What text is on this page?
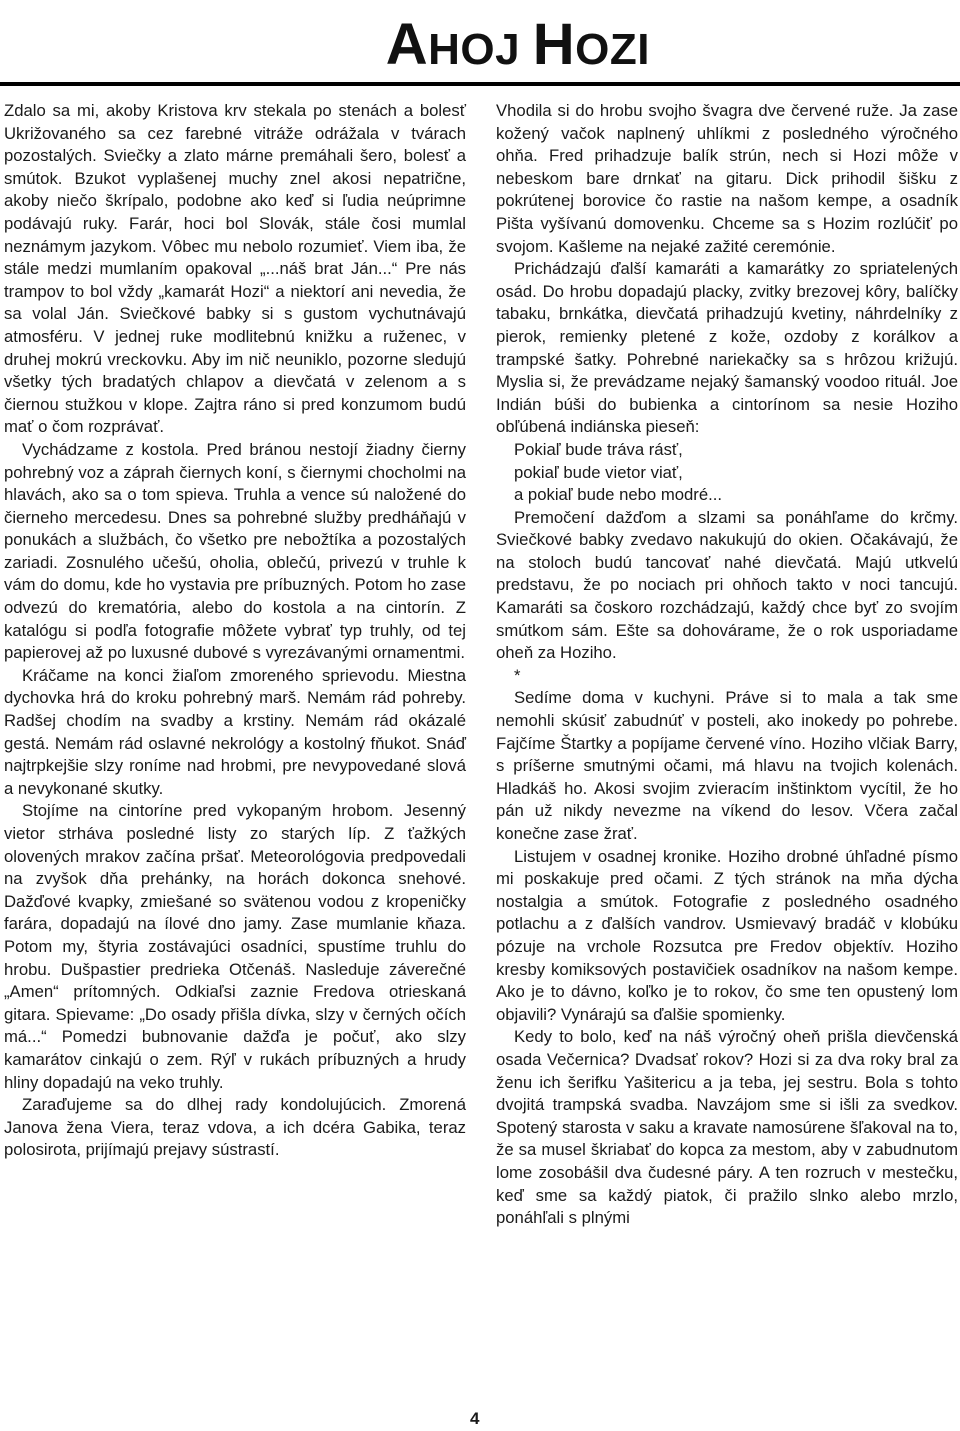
AHOJ HOZI

Zdalo sa mi, akoby Kristova krv stekala po stenách a bolesť Ukrižovaného sa cez farebné vitráže odrážala v tvárach pozostalých. Sviečky a zlato márne premáhali šero, bolesť a smútok. Bzukot vyplašenej muchy znel akosi nepatrične, akoby niečo škrípalo, podobne ako keď si ľudia neúprimne podávajú ruky. Farár, hoci bol Slovák, stále čosi mumlal neznámym jazykom. Vôbec mu nebolo rozumieť. Viem iba, že stále medzi mumlaním opakoval „...náš brat Ján...“ Pre nás trampov to bol vždy „kamarát Hozi“ a niektorí ani nevedia, že sa volal Ján. Sviečkové babky si s gustom vychutnávajú atmosféru. V jednej ruke modlitebnú knižku a ruženec, v druhej mokrú vreckovku. Aby im nič neuniklo, pozorne sledujú všetky tých bradatých chlapov a dievčatá v zelenom a s čiernou stužkou v klope. Zajtra ráno si pred konzumom budú mať o čom rozprávať.

Vychádzame z kostola. Pred bránou nestojí žiadny čierny pohrebný voz a záprah čiernych koní, s čiernymi chocholmi na hlavách, ako sa o tom spieva. Truhla a vence sú naložené do čierneho mercedesu. Dnes sa pohrebné služby predháňajú v ponukách a službách, čo všetko pre nebožtíka a pozostalých zariadi. Zosnulého učešú, oholia, oblečú, privezú v truhle k vám do domu, kde ho vystavia pre príbuzných. Potom ho zase odvezú do krematória, alebo do kostola a na cintorín. Z katalógu si podľa fotografie môžete vybrať typ truhly, od tej papierovej až po luxusné dubové s vyrezávanými ornamentmi.

Kráčame na konci žiaľom zmoreného sprievodu. Miestna dychovka hrá do kroku pohrebný marš. Nemám rád pohreby. Radšej chodím na svadby a krstiny. Nemám rád okázalé gestá. Nemám rád oslavné nekrológy a kostolný fňukot. Snáď najtrpkejšie slzy roníme nad hrobmi, pre nevypovedané slová a nevykonané skutky.

Stojíme na cintoríne pred vykopaným hrobom. Jesenný vietor strháva posledné listy zo starých líp. Z ťažkých olovených mrakov začína pršať. Meteorológovia predpovedali na zvyšok dňa prehánky, na horách dokonca snehové. Dažďové kvapky, zmiešané so svätenou vodou z kropeničky farára, dopadajú na ílové dno jamy. Zase mumlanie kňaza. Potom my, štyria zostávajúci osadníci, spustíme truhlu do hrobu. Dušpastier predrieka Otčenáš. Nasleduje záverečné „Amen“ prítomných. Odkiaľsi zaznie Fredova otrieskaná gitara. Spievame: „Do osady přišla dívka, slzy v černých očích má...“ Pomedzi bubnovanie dažďa je počuť, ako slzy kamarátov cinkajú o zem. Rýľ v rukách príbuzných a hrudy hliny dopadajú na veko truhly.

Zaraďujeme sa do dlhej rady kondolujúcich. Zmorená Janova žena Viera, teraz vdova, a ich dcéra Gabika, teraz polosirota, prijímajú prejavy sústrastí.

Vhodila si do hrobu svojho švagra dve červené ruže. Ja zase kožený vačok naplnený uhlíkmi z posledného výročného ohňa. Fred prihadzuje balík strún, nech si Hozi môže v nebeskom bare drnkať na gitaru. Dick prihodil šišku z pokrútenej borovice čo rastie na našom kempe, a osadník Pišta vyšívanú domovenku. Chceme sa s Hozim rozlúčiť po svojom. Kašleme na nejaké zažité ceremónie.

Prichádzajú ďalší kamaráti a kamarátky zo spriatelených osád. Do hrobu dopadajú placky, zvitky brezovej kôry, balíčky tabaku, brnkátka, dievčatá prihadzujú kvetiny, náhrdelníky z pierok, remienky pletené z kože, ozdoby z korálkov a trampské šatky. Pohrebné nariekačky sa s hrôzou križujú. Myslia si, že prevádzame nejaký šamanský voodoo rituál. Joe Indián búši do bubienka a cintorínom sa nesie Hoziho obľúbená indiánska pieseň:

Pokiaľ bude tráva rásť,

pokiaľ bude vietor viať,

a pokiaľ bude nebo modré...

Premočení dažďom a slzami sa ponáhľame do krčmy. Sviečkové babky zvedavo nakukujú do okien. Očakávajú, že na stoloch budú tancovať nahé dievčatá. Majú utkvelú predstavu, že po nociach pri ohňoch takto v noci tancujú. Kamaráti sa čoskoro rozchádzajú, každý chce byť zo svojím smútkom sám. Ešte sa dohovárame, že o rok usporiadame oheň za Hoziho.

*

Sedíme doma v kuchyni. Práve si to mala a tak sme nemohli skúsiť zabudnúť v posteli, ako inokedy po pohrebe. Fajčíme Štartky a popíjame červené víno. Hoziho vlčiak Barry, s príšerne smutnými očami, má hlavu na tvojich kolenách. Hladkáš ho. Akosi svojim zvieracím inštinktom vycítil, že ho pán už nikdy nevezme na víkend do lesov. Včera začal konečne zase žrať.

Listujem v osadnej kronike. Hoziho drobné úhľadné písmo mi poskakuje pred očami. Z tých stránok na mňa dýcha nostalgia a smútok. Fotografie z posledného osadného potlachu a z ďalších vandrov. Usmievavý bradáč v klobúku pózuje na vrchole Rozsutca pre Fredov objektív. Hoziho kresby komiksových postavičiek osadníkov na našom kempe. Ako je to dávno, koľko je to rokov, čo sme ten opustený lom objavili? Vynárajú sa ďalšie spomienky.

Kedy to bolo, keď na náš výročný oheň prišla dievčenská osada Večernica? Dvadsať rokov? Hozi si za dva roky bral za ženu ich šerifku Yašitericu a ja teba, jej sestru. Bola s tohto dvojitá trampská svadba. Navzájom sme si išli za svedkov. Spotený starosta v saku a kravate namosúrene šľakoval na to, že sa musel škriabať do kopca za mestom, aby v zabudnutom lome zosobášil dva čudesné páry. A ten rozruch v mestečku, keď sme sa každý piatok, či pražilo slnko alebo mrzlo, ponáhľali s plnými

4
